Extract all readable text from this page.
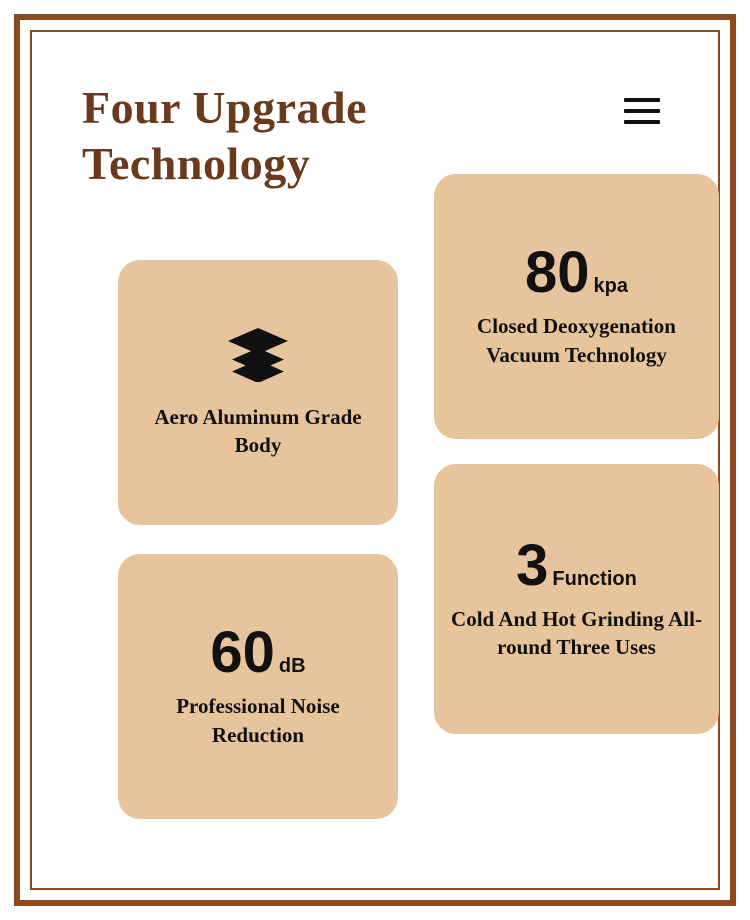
Four Upgrade Technology
Aero Aluminum Grade Body
80 kpa
Closed Deoxygenation Vacuum Technology
60 dB
Professional Noise Reduction
3 Function
Cold And Hot Grinding All-round Three Uses
